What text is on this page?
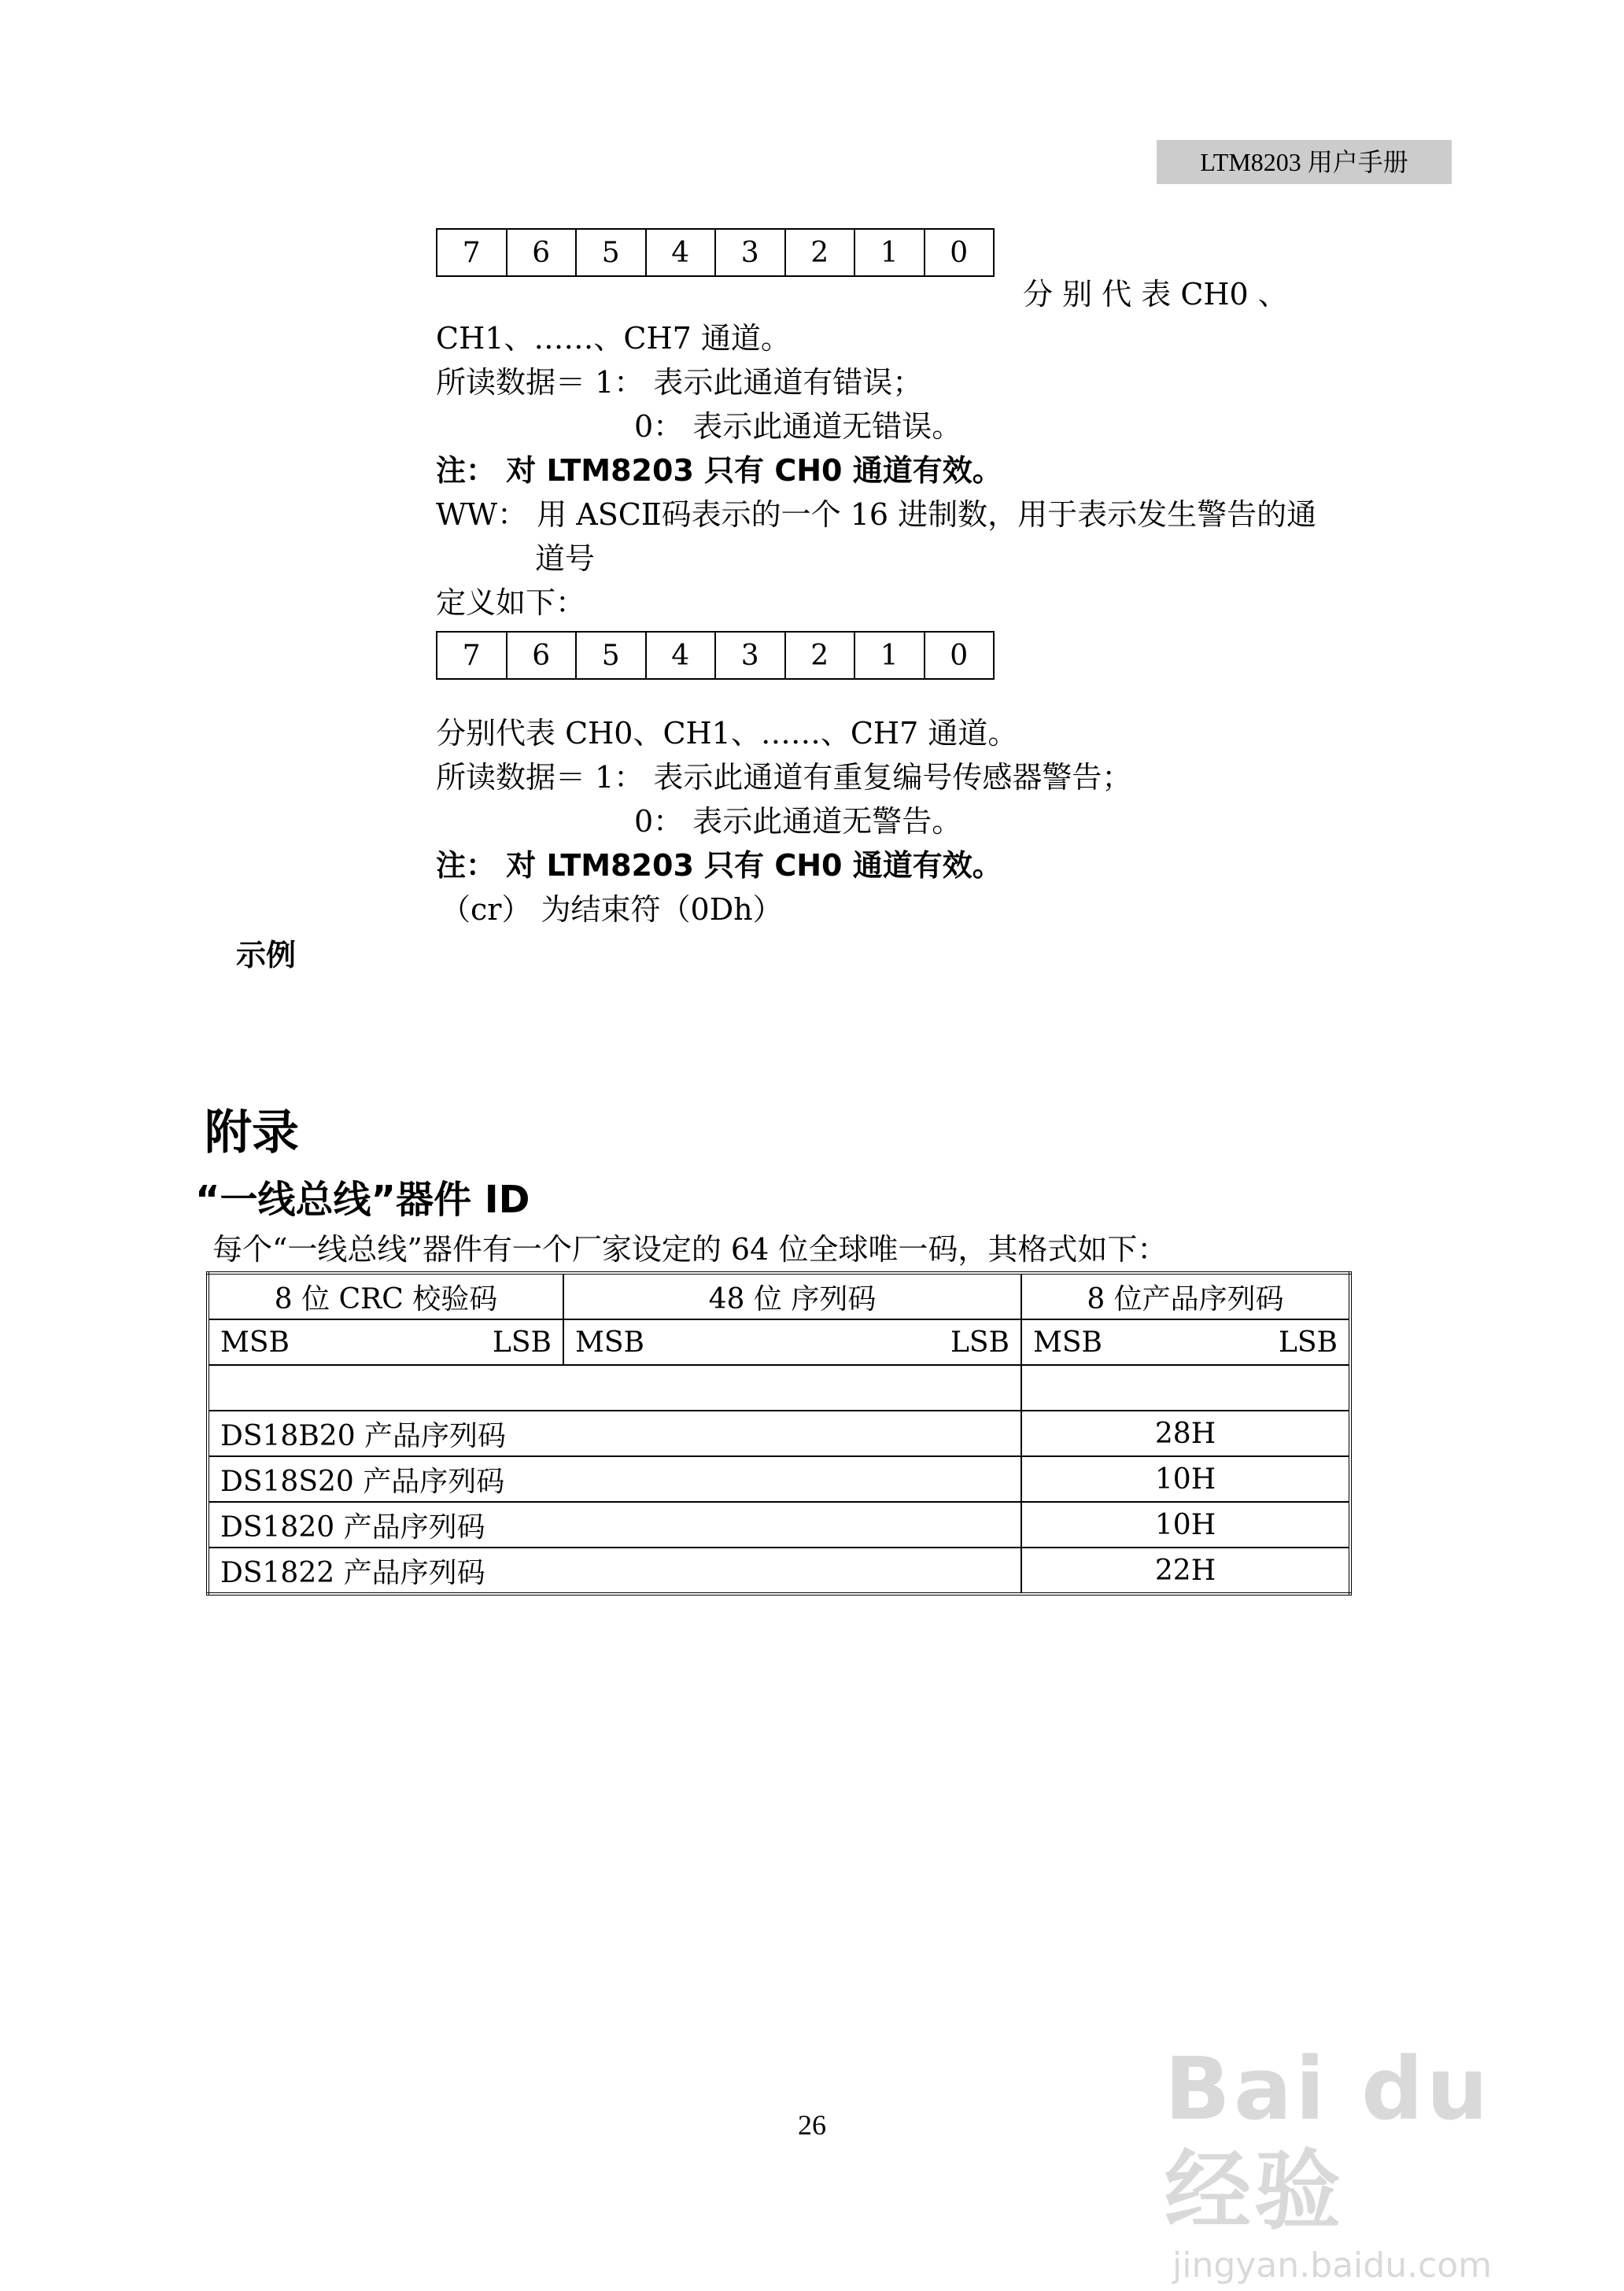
LTM8203 用户手册
7	6	5	4	3	2	1	0
分 别 代 表 CH0 、
CH1、……、CH7 通道。
所读数据＝ 1： 表示此通道有错误；
0： 表示此通道无错误。
注： 对 LTM8203 只有 CH0 通道有效。
WW： 用 ASCⅡ码表示的一个 16 进制数，用于表示发生警告的通
道号
定义如下：
7	6	5	4	3	2	1	0
分别代表 CH0、CH1、……、CH7 通道。
所读数据＝ 1： 表示此通道有重复编号传感器警告；
0： 表示此通道无警告。
注： 对 LTM8203 只有 CH0 通道有效。
（cr） 为结束符（0Dh）
示例
附录
“一线总线”器件 ID
每个“一线总线”器件有一个厂家设定的 64 位全球唯一码，其格式如下：
8 位 CRC 校验码	48 位 序列码	8 位产品序列码

MSB LSB	MSB LSB	MSB LSB

DS18B20 产品序列码		28H
DS18S20 产品序列码		10H
DS1820 产品序列码		10H
DS1822 产品序列码		22H
26	Bai du 经验
jingyan.baidu.com
